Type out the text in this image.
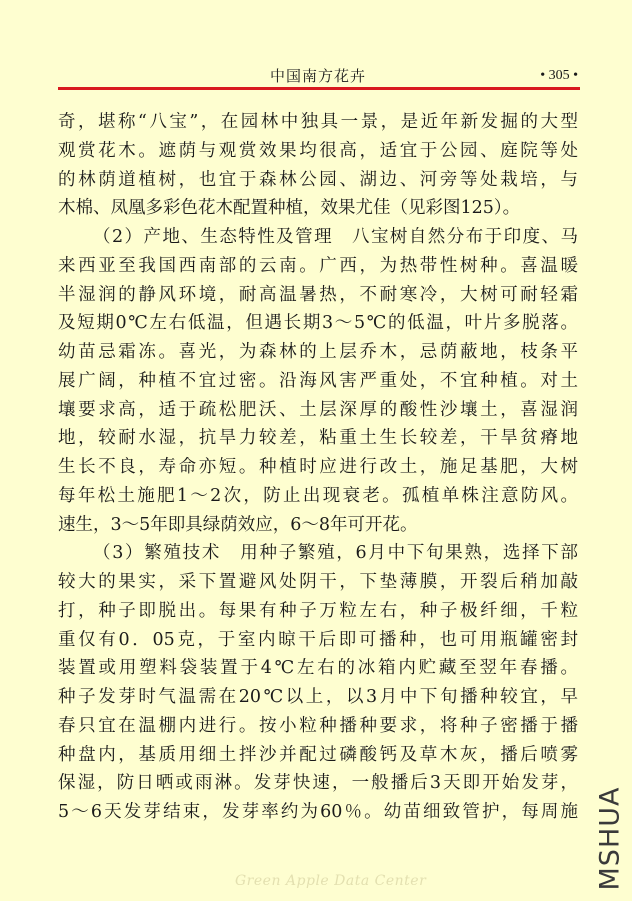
中国南方花卉	• 305 •
奇，堪称“八宝”，在园林中独具一景，是近年新发掘的大型
观赏花木。遮荫与观赏效果均很高，适宜于公园、庭院等处
的林荫道植树，也宜于森林公园、湖边、河旁等处栽培，与
木棉、凤凰多彩色花木配置种植，效果尤佳（见彩图125）。
（2）产地、生态特性及管理　八宝树自然分布于印度、马
来西亚至我国西南部的云南。广西，为热带性树种。喜温暖
半湿润的静风环境，耐高温暑热，不耐寒冷，大树可耐轻霜
及短期0℃左右低温，但遇长期3～5℃的低温，叶片多脱落。
幼苗忌霜冻。喜光，为森林的上层乔木，忌荫蔽地，枝条平
展广阔，种植不宜过密。沿海风害严重处，不宜种植。对土
壤要求高，适于疏松肥沃、土层深厚的酸性沙壤土，喜湿润
地，较耐水湿，抗旱力较差，粘重土生长较差，干旱贫瘠地
生长不良，寿命亦短。种植时应进行改土，施足基肥，大树
每年松土施肥1～2次，防止出现衰老。孤植单株注意防风。
速生，3～5年即具绿荫效应，6～8年可开花。
（3）繁殖技术　用种子繁殖，6月中下旬果熟，选择下部
较大的果实，采下置避风处阴干，下垫薄膜，开裂后稍加敲
打，种子即脱出。每果有种子万粒左右，种子极纤细，千粒
重仅有0．05克，于室内晾干后即可播种，也可用瓶罐密封
装置或用塑料袋装置于4℃左右的冰箱内贮藏至翌年春播。
种子发芽时气温需在20℃以上，以3月中下旬播种较宜，早
春只宜在温棚内进行。按小粒种播种要求，将种子密播于播
种盘内，基质用细土拌沙并配过磷酸钙及草木灰，播后喷雾
保湿，防日晒或雨淋。发芽快速，一般播后3天即开始发芽，
5～6天发芽结束，发芽率约为60％。幼苗细致管护，每周施
Green Apple Data Center	MSHUA
